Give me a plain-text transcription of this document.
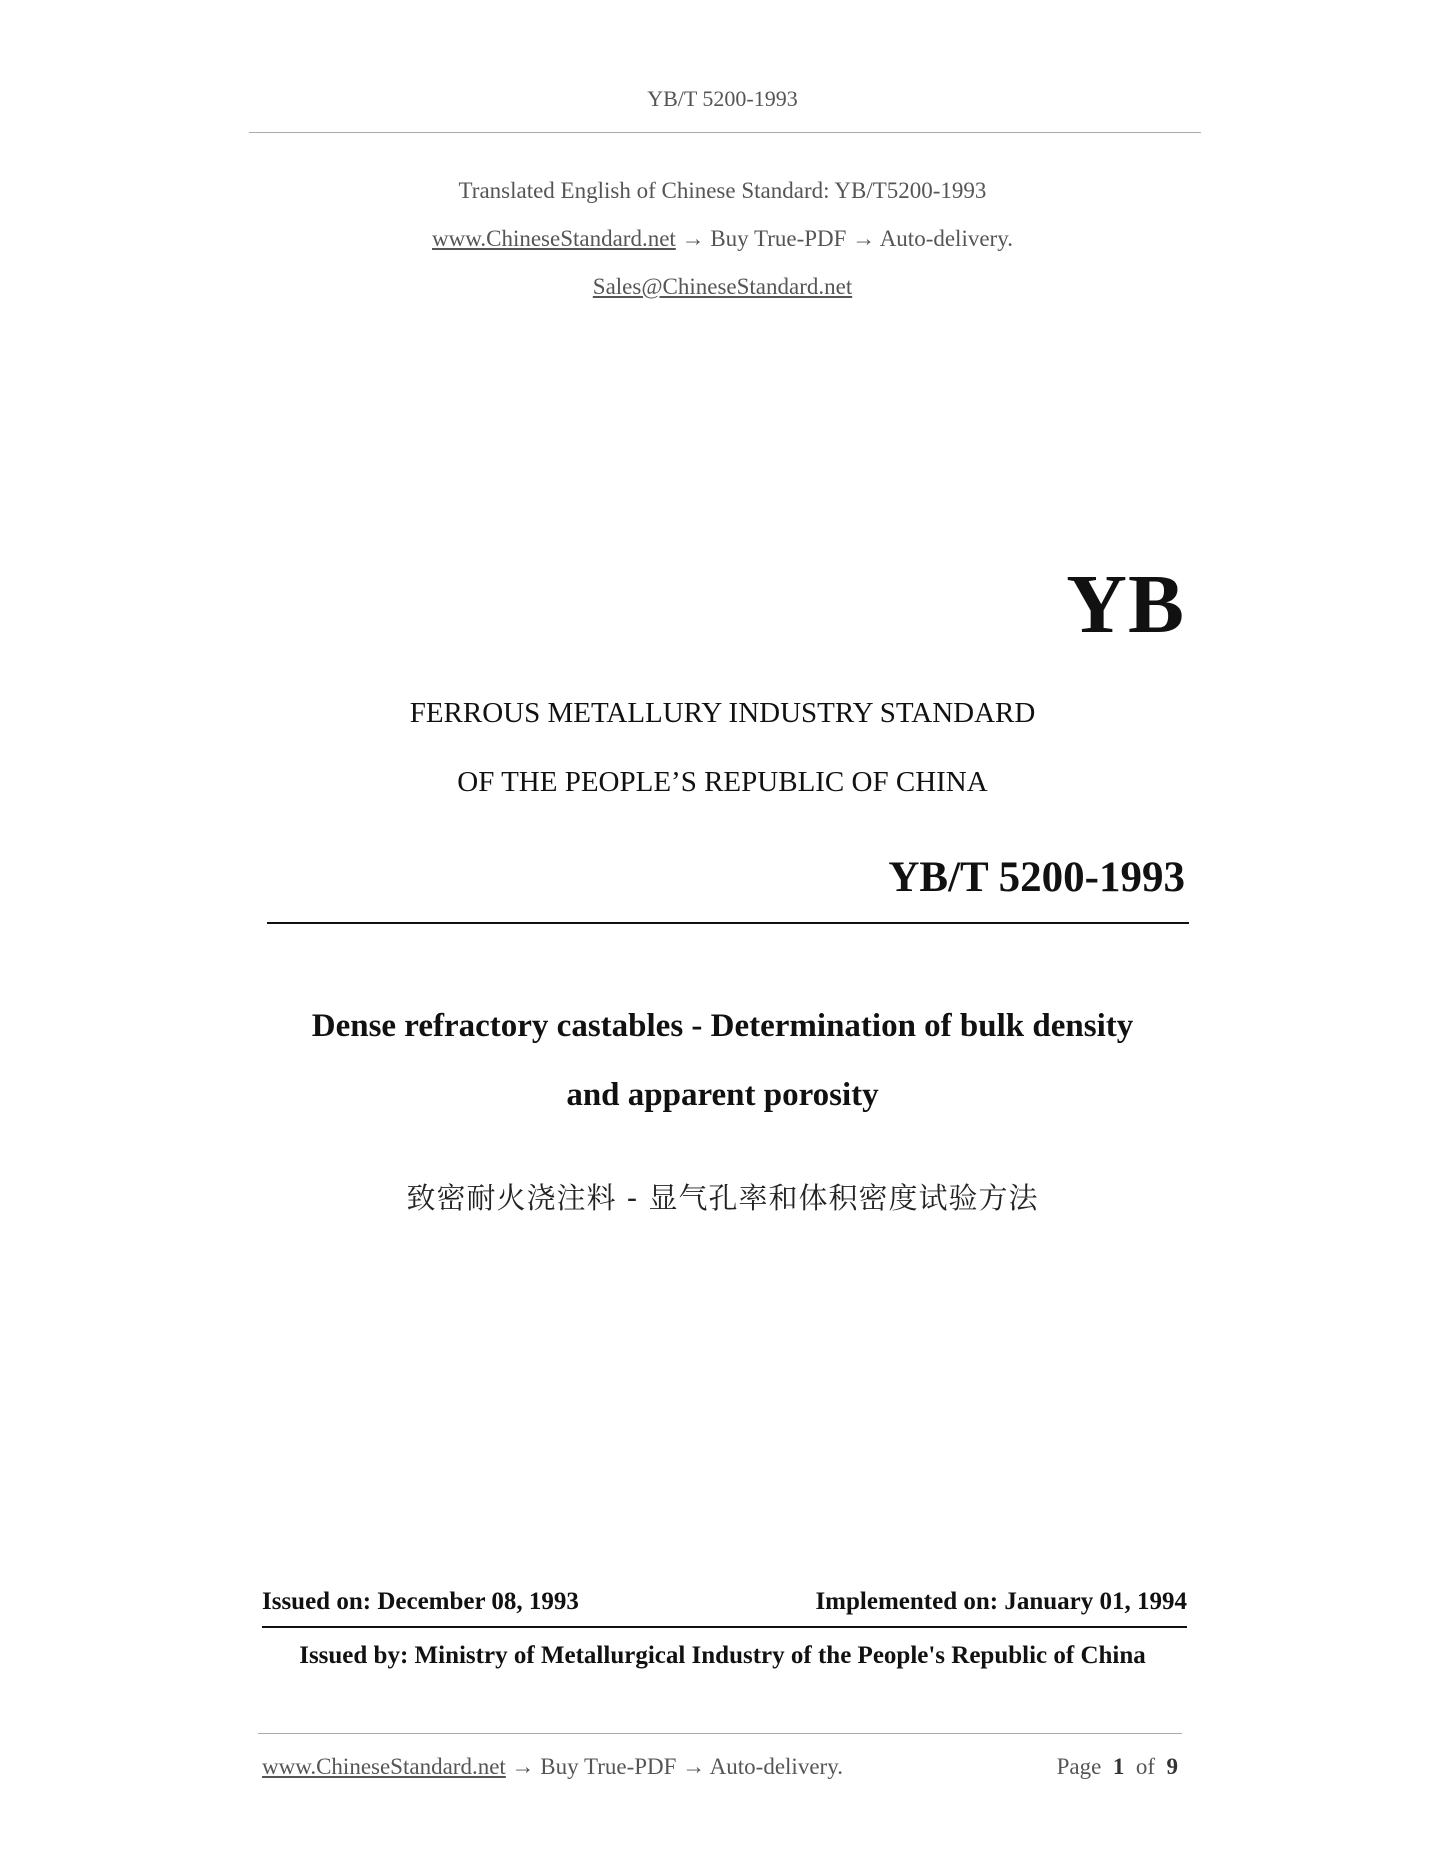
YB/T 5200-1993
Translated English of Chinese Standard: YB/T5200-1993
www.ChineseStandard.net → Buy True-PDF → Auto-delivery.
Sales@ChineseStandard.net
YB
FERROUS METALLURY INDUSTRY STANDARD
OF THE PEOPLE’S REPUBLIC OF CHINA
YB/T 5200-1993
Dense refractory castables - Determination of bulk density
and apparent porosity
致密耐火浇注料 - 显气孔率和体积密度试验方法
Issued on: December 08, 1993	Implemented on: January 01, 1994
Issued by: Ministry of Metallurgical Industry of the People's Republic of China
www.ChineseStandard.net → Buy True-PDF → Auto-delivery.	Page 1 of 9
